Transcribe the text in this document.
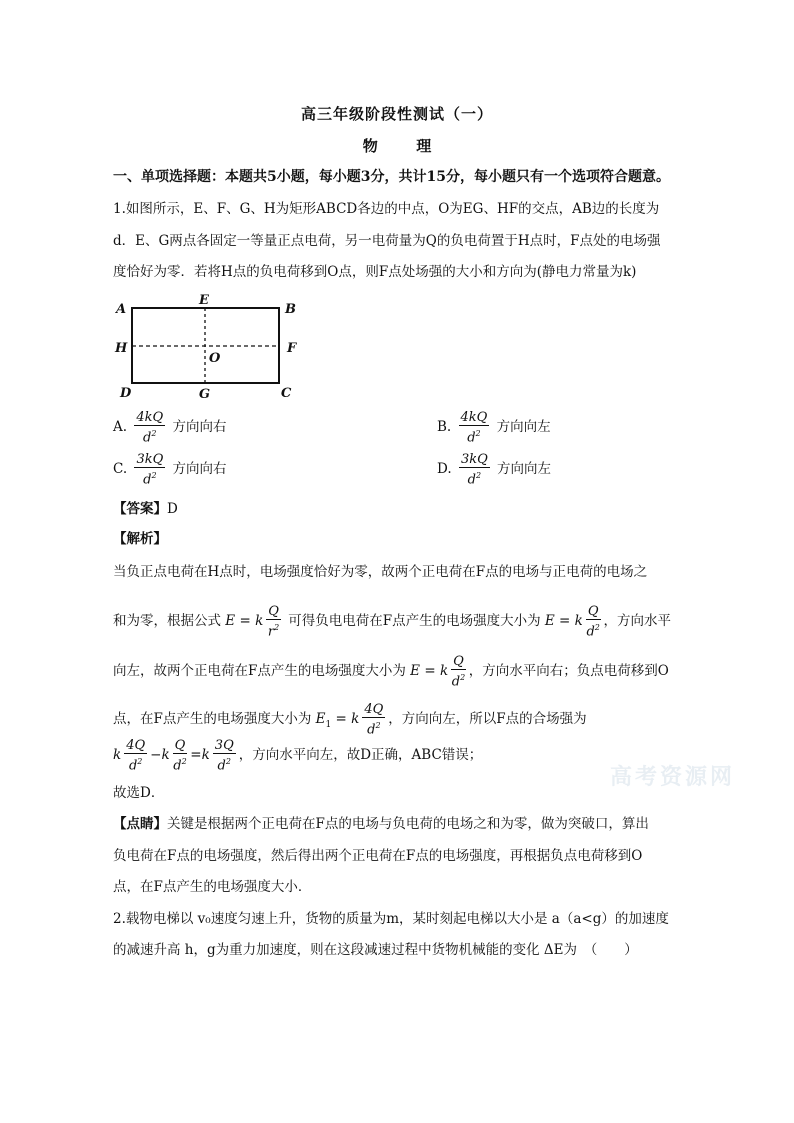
高三年级阶段性测试（一）
物	理
一、单项选择题：本题共5小题，每小题3分，共计15分，每小题只有一个选项符合题意。
1.如图所示，E、F、G、H为矩形ABCD各边的中点，O为EG、HF的交点，AB边的长度为
d．E、G两点各固定一等量正点电荷，另一电荷量为Q的负电荷置于H点时，F点处的电场强
度恰好为零．若将H点的负电荷移到O点，则F点处场强的大小和方向为(静电力常量为k)
A
E
B
H
O
F
D	G	C
A. $\frac{4kQ}{d^2}$ 方向向右	B. $\frac{4kQ}{d^2}$ 方向向左
C. $\frac{3kQ}{d^2}$ 方向向右	D. $\frac{3kQ}{d^2}$ 方向向左
【答案】D
【解析】
当负正点电荷在H点时，电场强度恰好为零，故两个正电荷在F点的电场与正电荷的电场之
和为零，根据公式 E = k $\frac{Q}{r^2}$ 可得负电电荷在F点产生的电场强度大小为 E = k $\frac{Q}{d^2}$ ，方向水平
向左，故两个正电荷在F点产生的电场强度大小为 E = k $\frac{Q}{d^2}$ ，方向水平向右；负点电荷移到O
点，在F点产生的电场强度大小为 $E_1 = k \frac{4Q}{d^2}$ ，方向向左，所以F点的合场强为
k $\frac{4Q}{d^2} -k \frac{Q}{d^2} =k \frac{3Q}{d^2}$ ，方向水平向左，故D正确，ABC错误；
故选D．
【点睛】关键是根据两个正电荷在F点的电场与负电荷的电场之和为零，做为突破口，算出
负电荷在F点的电场强度，然后得出两个正电荷在F点的电场强度，再根据负点电荷移到O
点，在F点产生的电场强度大小．
2.载物电梯以 v₀速度匀速上升，货物的质量为m，某时刻起电梯以大小是 a（a<g）的加速度
的减速升高 h，g为重力加速度，则在这段减速过程中货物机械能的变化 ΔE为　（　　）
高考资源网
